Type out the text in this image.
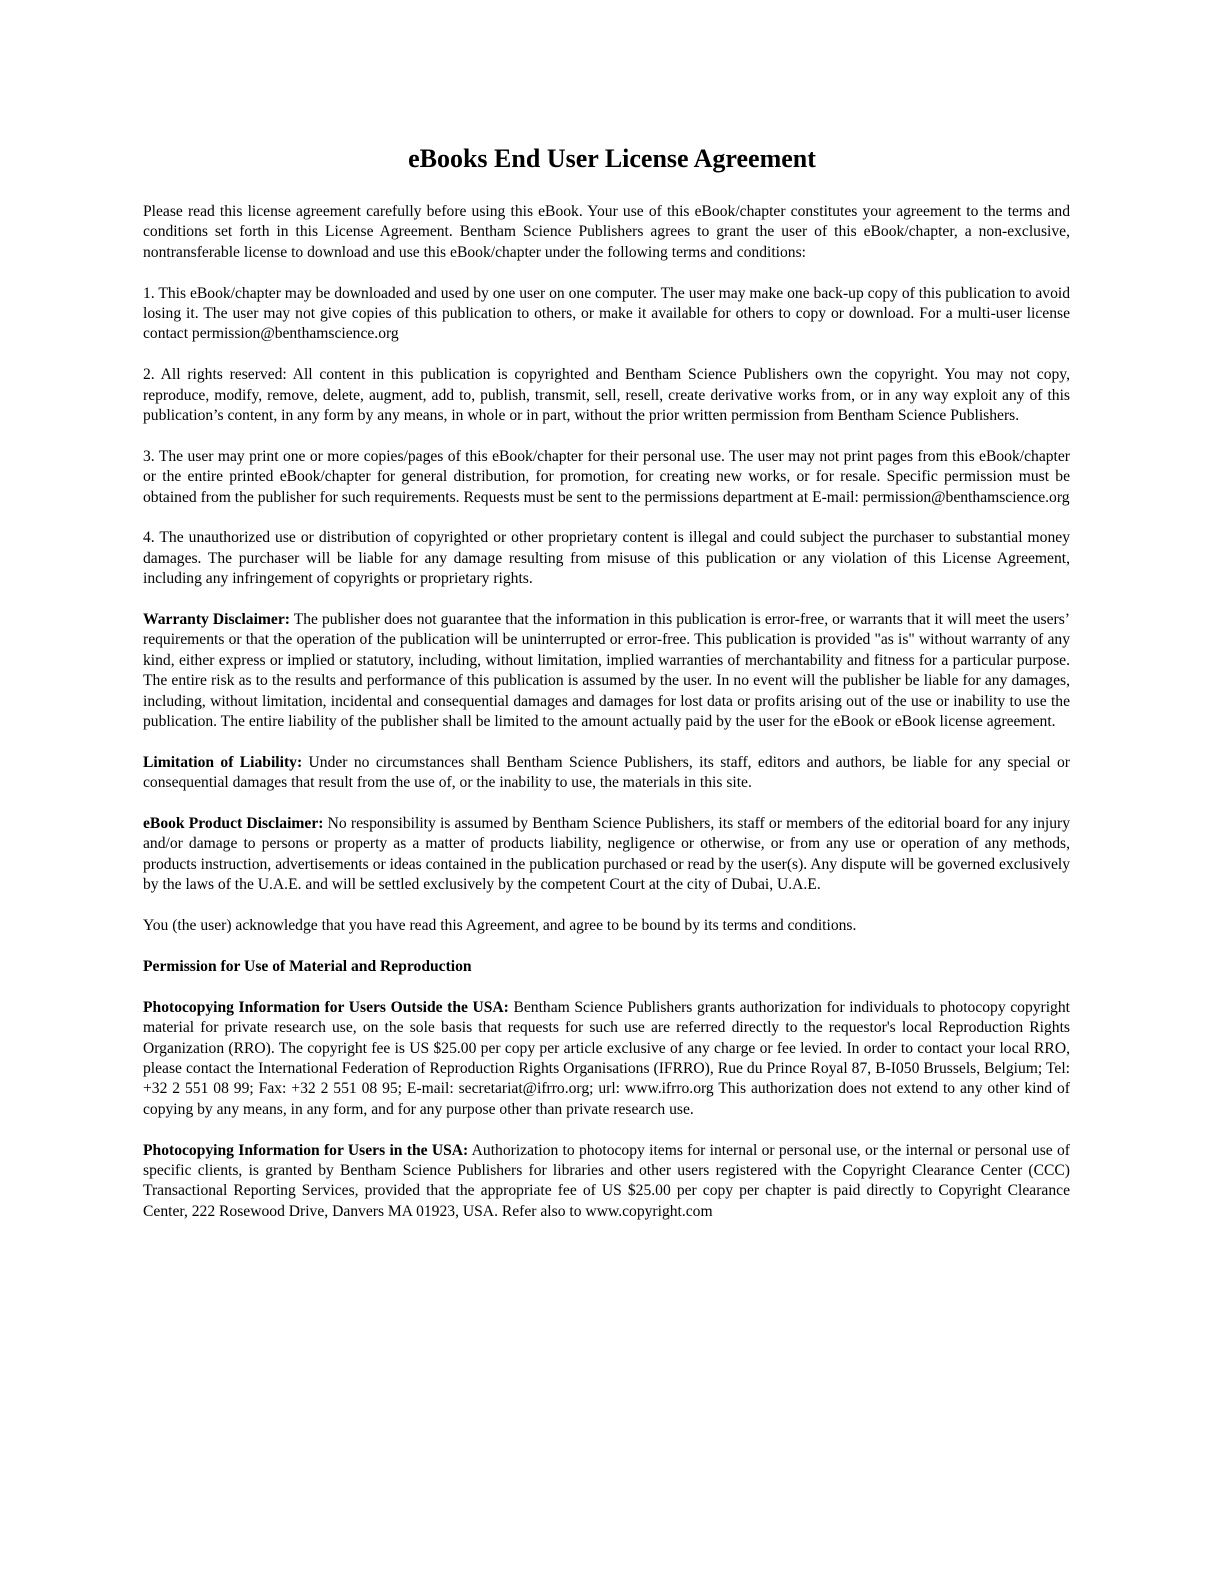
eBooks End User License Agreement

Please read this license agreement carefully before using this eBook. Your use of this eBook/chapter constitutes your agreement to the terms and conditions set forth in this License Agreement. Bentham Science Publishers agrees to grant the user of this eBook/chapter, a non-exclusive, nontransferable license to download and use this eBook/chapter under the following terms and conditions:

1. This eBook/chapter may be downloaded and used by one user on one computer. The user may make one back-up copy of this publication to avoid losing it. The user may not give copies of this publication to others, or make it available for others to copy or download. For a multi-user license contact permission@benthamscience.org

2. All rights reserved: All content in this publication is copyrighted and Bentham Science Publishers own the copyright. You may not copy, reproduce, modify, remove, delete, augment, add to, publish, transmit, sell, resell, create derivative works from, or in any way exploit any of this publication’s content, in any form by any means, in whole or in part, without the prior written permission from Bentham Science Publishers.

3. The user may print one or more copies/pages of this eBook/chapter for their personal use. The user may not print pages from this eBook/chapter or the entire printed eBook/chapter for general distribution, for promotion, for creating new works, or for resale. Specific permission must be obtained from the publisher for such requirements. Requests must be sent to the permissions department at E-mail: permission@benthamscience.org

4. The unauthorized use or distribution of copyrighted or other proprietary content is illegal and could subject the purchaser to substantial money damages. The purchaser will be liable for any damage resulting from misuse of this publication or any violation of this License Agreement, including any infringement of copyrights or proprietary rights.

Warranty Disclaimer: The publisher does not guarantee that the information in this publication is error-free, or warrants that it will meet the users’ requirements or that the operation of the publication will be uninterrupted or error-free. This publication is provided "as is" without warranty of any kind, either express or implied or statutory, including, without limitation, implied warranties of merchantability and fitness for a particular purpose. The entire risk as to the results and performance of this publication is assumed by the user. In no event will the publisher be liable for any damages, including, without limitation, incidental and consequential damages and damages for lost data or profits arising out of the use or inability to use the publication. The entire liability of the publisher shall be limited to the amount actually paid by the user for the eBook or eBook license agreement.

Limitation of Liability: Under no circumstances shall Bentham Science Publishers, its staff, editors and authors, be liable for any special or consequential damages that result from the use of, or the inability to use, the materials in this site.

eBook Product Disclaimer: No responsibility is assumed by Bentham Science Publishers, its staff or members of the editorial board for any injury and/or damage to persons or property as a matter of products liability, negligence or otherwise, or from any use or operation of any methods, products instruction, advertisements or ideas contained in the publication purchased or read by the user(s). Any dispute will be governed exclusively by the laws of the U.A.E. and will be settled exclusively by the competent Court at the city of Dubai, U.A.E.

You (the user) acknowledge that you have read this Agreement, and agree to be bound by its terms and conditions.

Permission for Use of Material and Reproduction

Photocopying Information for Users Outside the USA: Bentham Science Publishers grants authorization for individuals to photocopy copyright material for private research use, on the sole basis that requests for such use are referred directly to the requestor's local Reproduction Rights Organization (RRO). The copyright fee is US $25.00 per copy per article exclusive of any charge or fee levied. In order to contact your local RRO, please contact the International Federation of Reproduction Rights Organisations (IFRRO), Rue du Prince Royal 87, B-I050 Brussels, Belgium; Tel: +32 2 551 08 99; Fax: +32 2 551 08 95; E-mail: secretariat@ifrro.org; url: www.ifrro.org This authorization does not extend to any other kind of copying by any means, in any form, and for any purpose other than private research use.

Photocopying Information for Users in the USA: Authorization to photocopy items for internal or personal use, or the internal or personal use of specific clients, is granted by Bentham Science Publishers for libraries and other users registered with the Copyright Clearance Center (CCC) Transactional Reporting Services, provided that the appropriate fee of US $25.00 per copy per chapter is paid directly to Copyright Clearance Center, 222 Rosewood Drive, Danvers MA 01923, USA. Refer also to www.copyright.com
